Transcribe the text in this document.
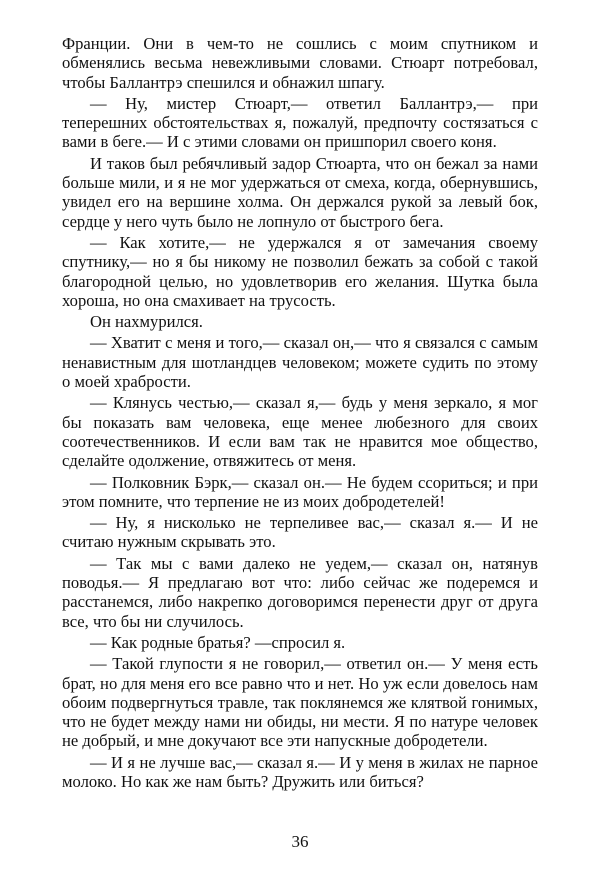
Франции. Они в чем-то не сошлись с моим спутником и обменялись весьма невежливыми словами. Стюарт потребовал, чтобы Баллантрэ спешился и обнажил шпагу.

— Ну, мистер Стюарт,— ответил Баллантрэ,— при теперешних обстоятельствах я, пожалуй, предпочту состязаться с вами в беге.— И с этими словами он пришпорил своего коня.

И таков был ребячливый задор Стюарта, что он бежал за нами больше мили, и я не мог удержаться от смеха, когда, обернувшись, увидел его на вершине холма. Он держался рукой за левый бок, сердце у него чуть было не лопнуло от быстрого бега.

— Как хотите,— не удержался я от замечания своему спутнику,— но я бы никому не позволил бежать за собой с такой благородной целью, но удовлетворив его желания. Шутка была хороша, но она смахивает на трусость.

Он нахмурился.

— Хватит с меня и того,— сказал он,— что я связался с самым ненавистным для шотландцев человеком; можете судить по этому о моей храбрости.

— Клянусь честью,— сказал я,— будь у меня зеркало, я мог бы показать вам человека, еще менее любезного для своих соотечественников. И если вам так не нравится мое общество, сделайте одолжение, отвяжитесь от меня.

— Полковник Бэрк,— сказал он.— Не будем ссориться; и при этом помните, что терпение не из моих добродетелей!

— Ну, я нисколько не терпеливее вас,— сказал я.— И не считаю нужным скрывать это.

— Так мы с вами далеко не уедем,— сказал он, натянув поводья.— Я предлагаю вот что: либо сейчас же подеремся и расстанемся, либо накрепко договоримся перенести друг от друга все, что бы ни случилось.

— Как родные братья? —спросил я.

— Такой глупости я не говорил,— ответил он.— У меня есть брат, но для меня его все равно что и нет. Но уж если довелось нам обоим подвергнуться травле, так поклянемся же клятвой гонимых, что не будет между нами ни обиды, ни мести. Я по натуре человек не добрый, и мне докучают все эти напускные добродетели.

— И я не лучше вас,— сказал я.— И у меня в жилах не парное молоко. Но как же нам быть? Дружить или биться?

36
